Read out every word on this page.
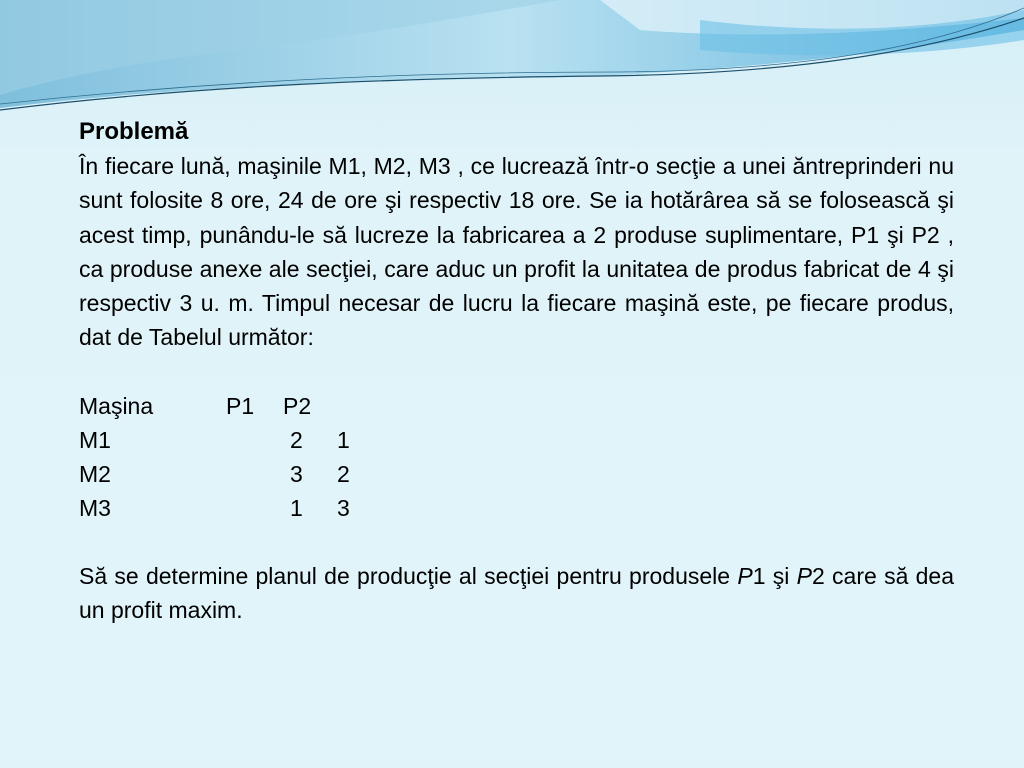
Problemă
În fiecare lună, maşinile M1, M2, M3 , ce lucrează într-o secţie a unei ăntreprinderi nu sunt folosite 8 ore, 24 de ore şi respectiv 18 ore. Se ia hotărârea să se folosească şi acest timp, punându-le să lucreze la fabricarea a 2 produse suplimentare, P1 şi P2 , ca produse anexe ale secţiei, care aduc un profit la unitatea de produs fabricat de 4 şi respectiv 3 u. m. Timpul necesar de lucru la fiecare maşină este, pe fiecare produs, dat de Tabelul următor:
Maşina	P1 P2
M1	2 1
M2	3 2
M3	1 3
Să se determine planul de producţie al secţiei pentru produsele P1 şi P2 care să dea un profit maxim.
